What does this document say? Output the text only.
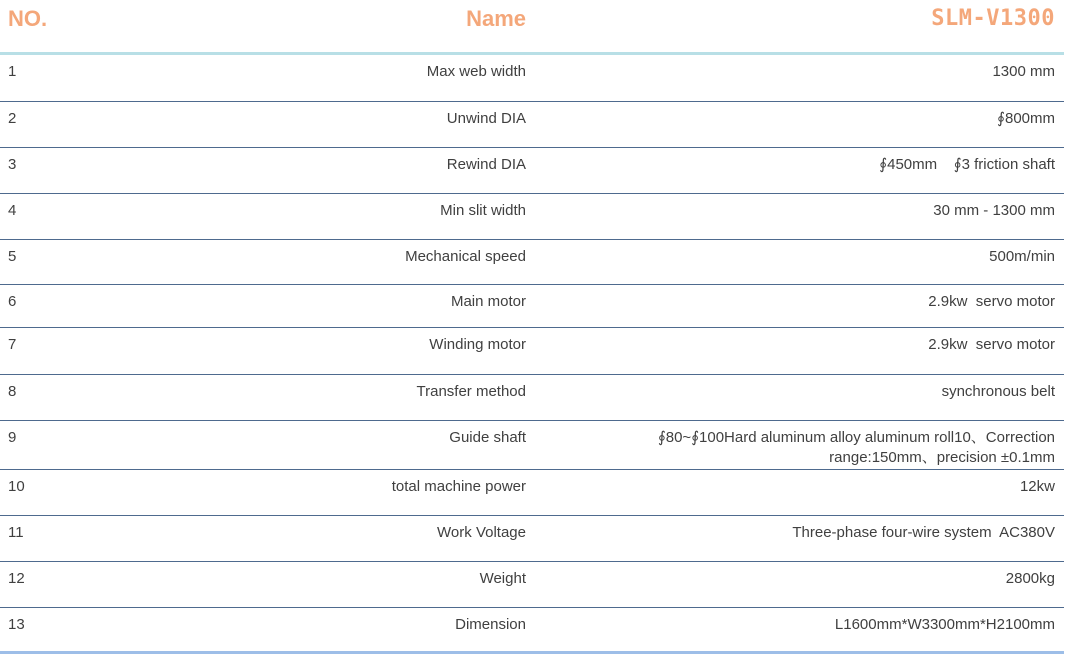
NO.	Name	SLM-V1300
1	Max web width	1300 mm
2	Unwind DIA	∮800mm
3	Rewind DIA	∮450mm    ∮3 friction shaft
4	Min slit width	30 mm - 1300 mm
5	Mechanical speed	500m/min
6	Main motor	2.9kw  servo motor
7	Winding motor	2.9kw  servo motor
8	Transfer method	synchronous belt
9	Guide shaft	∮80~∮100Hard aluminum alloy aluminum roll10、Correction range:150mm、precision ±0.1mm
10	total machine power	12kw
11	Work Voltage	Three-phase four-wire system  AC380V
12	Weight	2800kg
13	Dimension	L1600mm*W3300mm*H2100mm
